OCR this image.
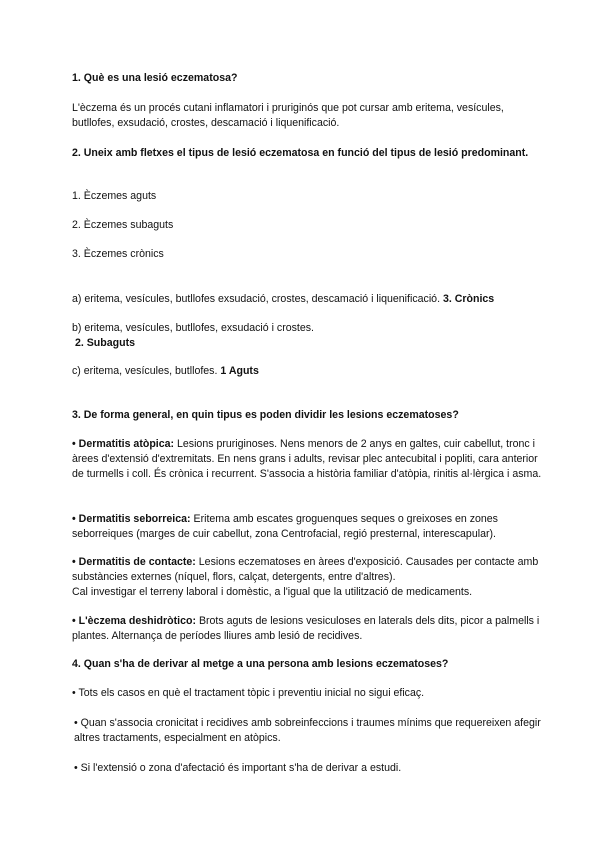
1. Què es una lesió eczematosa?

L'èczema és un procés cutani inflamatori i pruriginós que pot cursar amb eritema, vesícules, butllofes, exsudació, crostes, descamació i liquenificació.

2. Uneix amb fletxes el tipus de lesió eczematosa en funció del tipus de lesió predominant.

1. Èczemes aguts

2. Èczemes subaguts

3. Èczemes crònics

a) eritema, vesícules, butllofes exsudació, crostes, descamació i liquenificació. 3. Crònics

b) eritema, vesícules, butllofes, exsudació i crostes.
2. Subaguts

c) eritema, vesícules, butllofes. 1 Aguts

3. De forma general, en quin tipus es poden dividir les lesions eczematoses?

• Dermatitis atòpica: Lesions pruriginoses. Nens menors de 2 anys en galtes, cuir cabellut, tronc i àrees d'extensió d'extremitats. En nens grans i adults, revisar plec antecubital i popliti, cara anterior de turmells i coll. És crònica i recurrent. S'associa a història familiar d'atòpia, rinitis al·lèrgica i asma.

• Dermatitis seborreica: Eritema amb escates groguenques seques o greixoses en zones seborreiques (marges de cuir cabellut, zona Centrofacial, regió presternal, interescapular).

• Dermatitis de contacte: Lesions eczematoses en àrees d'exposició. Causades per contacte amb substàncies externes (níquel, flors, calçat, detergents, entre d'altres).
Cal investigar el terreny laboral i domèstic, a l'igual que la utilització de medicaments.

• L'èczema deshidròtico: Brots aguts de lesions vesiculoses en laterals dels dits, picor a palmells i plantes. Alternança de períodes lliures amb lesió de recidives.

4. Quan s'ha de derivar al metge a una persona amb lesions eczematoses?

• Tots els casos en què el tractament tòpic i preventiu inicial no sigui eficaç.

• Quan s'associa cronicitat i recidives amb sobreinfeccions i traumes mínims que requereixen afegir altres tractaments, especialment en atòpics.

• Si l'extensió o zona d'afectació és important s'ha de derivar a estudi.
